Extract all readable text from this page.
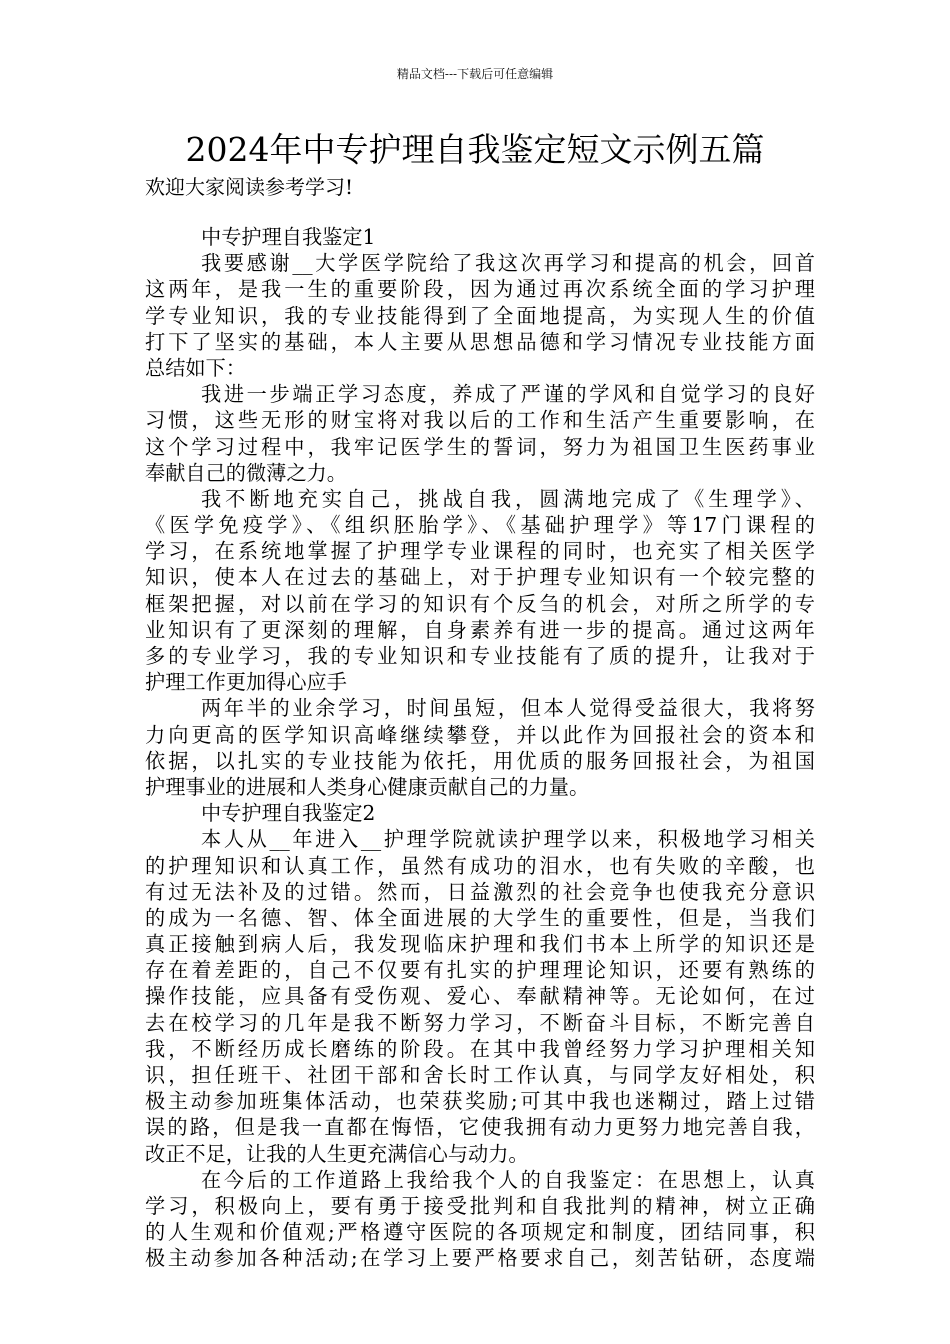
精品文档---下载后可任意编辑
2024年中专护理自我鉴定短文示例五篇

欢迎大家阅读参考学习!

中专护理自我鉴定1
我要感谢__大学医学院给了我这次再学习和提高的机会，回首
这两年，是我一生的重要阶段，因为通过再次系统全面的学习护理
学专业知识，我的专业技能得到了全面地提高，为实现人生的价值
打下了坚实的基础，本人主要从思想品德和学习情况专业技能方面
总结如下：
我进一步端正学习态度，养成了严谨的学风和自觉学习的良好
习惯，这些无形的财宝将对我以后的工作和生活产生重要影响，在
这个学习过程中，我牢记医学生的誓词，努力为祖国卫生医药事业
奉献自己的微薄之力。
我不断地充实自己，挑战自我，圆满地完成了《生理学》、
《医学免疫学》、《组织胚胎学》、《基础护理学》等17门课程的
学习，在系统地掌握了护理学专业课程的同时，也充实了相关医学
知识，使本人在过去的基础上，对于护理专业知识有一个较完整的
框架把握，对以前在学习的知识有个反刍的机会，对所之所学的专
业知识有了更深刻的理解，自身素养有进一步的提高。通过这两年
多的专业学习，我的专业知识和专业技能有了质的提升，让我对于
护理工作更加得心应手
两年半的业余学习，时间虽短，但本人觉得受益很大，我将努
力向更高的医学知识高峰继续攀登，并以此作为回报社会的资本和
依据，以扎实的专业技能为依托，用优质的服务回报社会，为祖国
护理事业的进展和人类身心健康贡献自己的力量。
中专护理自我鉴定2
本人从__年进入__护理学院就读护理学以来，积极地学习相关
的护理知识和认真工作，虽然有成功的泪水，也有失败的辛酸，也
有过无法补及的过错。然而，日益激烈的社会竞争也使我充分意识
的成为一名德、智、体全面进展的大学生的重要性，但是，当我们
真正接触到病人后，我发现临床护理和我们书本上所学的知识还是
存在着差距的，自己不仅要有扎实的护理理论知识，还要有熟练的
操作技能，应具备有受伤观、爱心、奉献精神等。无论如何，在过
去在校学习的几年是我不断努力学习，不断奋斗目标，不断完善自
我，不断经历成长磨练的阶段。在其中我曾经努力学习护理相关知
识，担任班干、社团干部和舍长时工作认真，与同学友好相处，积
极主动参加班集体活动，也荣获奖励;可其中我也迷糊过，踏上过错
误的路，但是我一直都在悔悟，它使我拥有动力更努力地完善自我，
改正不足，让我的人生更充满信心与动力。
在今后的工作道路上我给我个人的自我鉴定：在思想上，认真
学习，积极向上，要有勇于接受批判和自我批判的精神，树立正确
的人生观和价值观;严格遵守医院的各项规定和制度，团结同事，积
极主动参加各种活动;在学习上要严格要求自己，刻苦钻研，态度端
